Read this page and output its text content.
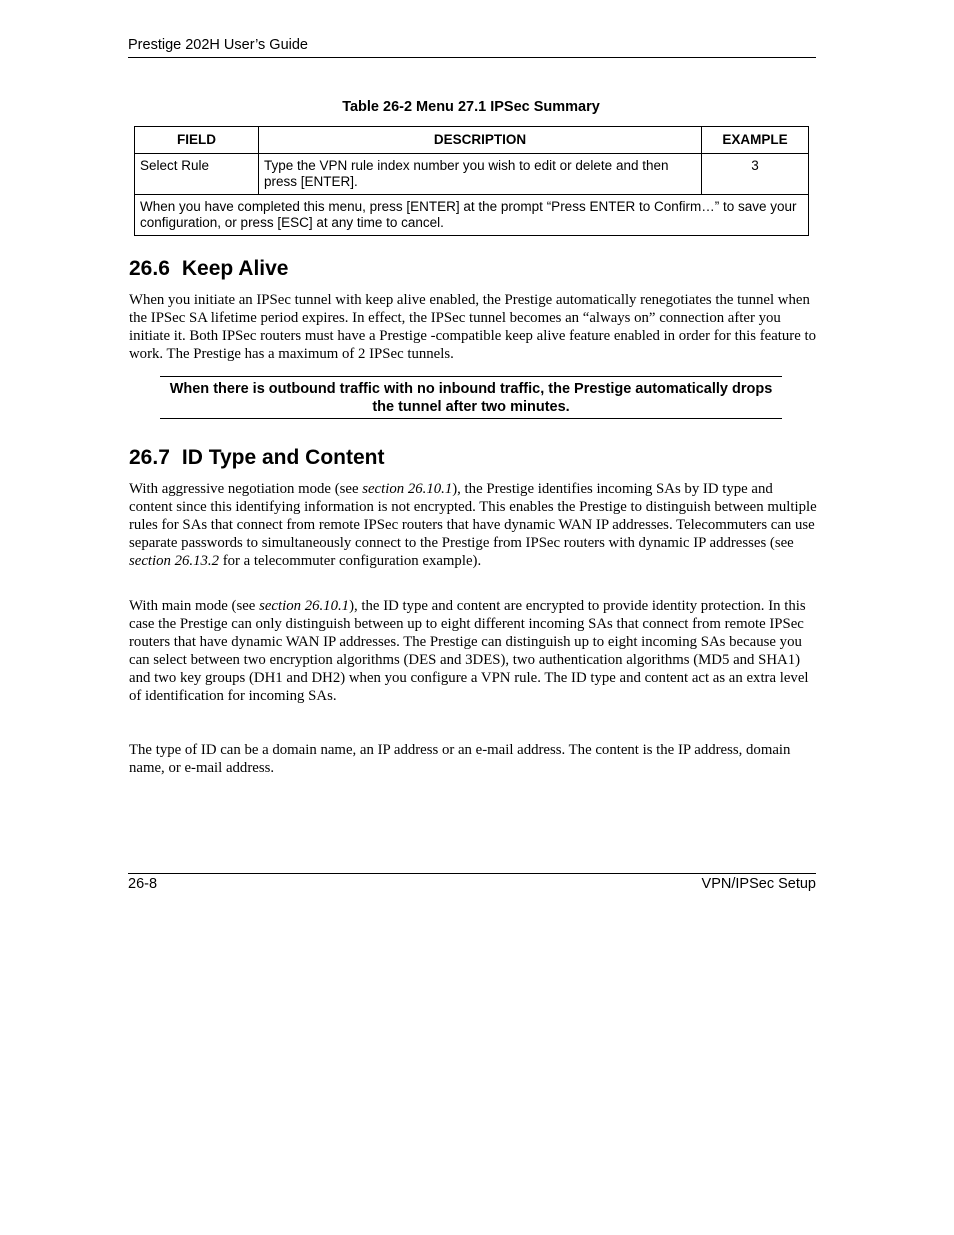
Prestige 202H User’s Guide
Table 26-2 Menu 27.1 IPSec Summary
FIELD	DESCRIPTION	EXAMPLE
Select Rule	Type the VPN rule index number you wish to edit or delete and then press [ENTER].	3
When you have completed this menu, press [ENTER] at the prompt “Press ENTER to Confirm…” to save your configuration, or press [ESC] at any time to cancel.		
26.6 Keep Alive
When you initiate an IPSec tunnel with keep alive enabled, the Prestige automatically renegotiates the tunnel when the IPSec SA lifetime period expires. In effect, the IPSec tunnel becomes an “always on” connection after you initiate it. Both IPSec routers must have a Prestige -compatible keep alive feature enabled in order for this feature to work. The Prestige has a maximum of 2 IPSec tunnels.
When there is outbound traffic with no inbound traffic, the Prestige automatically drops the tunnel after two minutes.
26.7 ID Type and Content
With aggressive negotiation mode (see section 26.10.1), the Prestige identifies incoming SAs by ID type and content since this identifying information is not encrypted. This enables the Prestige to distinguish between multiple rules for SAs that connect from remote IPSec routers that have dynamic WAN IP addresses. Telecommuters can use separate passwords to simultaneously connect to the Prestige from IPSec routers with dynamic IP addresses (see section 26.13.2 for a telecommuter configuration example).
With main mode (see section 26.10.1), the ID type and content are encrypted to provide identity protection. In this case the Prestige can only distinguish between up to eight different incoming SAs that connect from remote IPSec routers that have dynamic WAN IP addresses. The Prestige can distinguish up to eight incoming SAs because you can select between two encryption algorithms (DES and 3DES), two authentication algorithms (MD5 and SHA1) and two key groups (DH1 and DH2) when you configure a VPN rule. The ID type and content act as an extra level of identification for incoming SAs.
The type of ID can be a domain name, an IP address or an e-mail address. The content is the IP address, domain name, or e-mail address.
26-8	VPN/IPSec Setup
